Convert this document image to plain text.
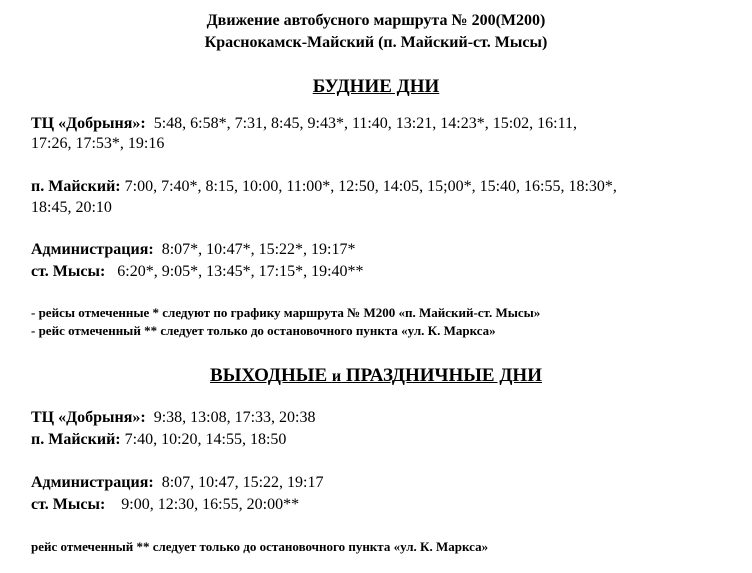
Движение автобусного маршрута № 200(М200)
Краснокамск-Майский (п. Майский-ст. Мысы)
БУДНИЕ ДНИ
ТЦ «Добрыня»: 5:48, 6:58*, 7:31, 8:45, 9:43*, 11:40, 13:21, 14:23*, 15:02, 16:11,
17:26, 17:53*, 19:16
п. Майский: 7:00, 7:40*, 8:15, 10:00, 11:00*, 12:50, 14:05, 15;00*, 15:40, 16:55, 18:30*,
18:45, 20:10
Администрация: 8:07*, 10:47*, 15:22*, 19:17*
ст. Мысы: 6:20*, 9:05*, 13:45*, 17:15*, 19:40**
- рейсы отмеченные * следуют по графику маршрута № М200 «п. Майский-ст. Мысы»
- рейс отмеченный ** следует только до остановочного пункта «ул. К. Маркса»
ВЫХОДНЫЕ и ПРАЗДНИЧНЫЕ ДНИ
ТЦ «Добрыня»: 9:38, 13:08, 17:33, 20:38
п. Майский: 7:40, 10:20, 14:55, 18:50
Администрация: 8:07, 10:47, 15:22, 19:17
ст. Мысы: 9:00, 12:30, 16:55, 20:00**
рейс отмеченный ** следует только до остановочного пункта «ул. К. Маркса»
